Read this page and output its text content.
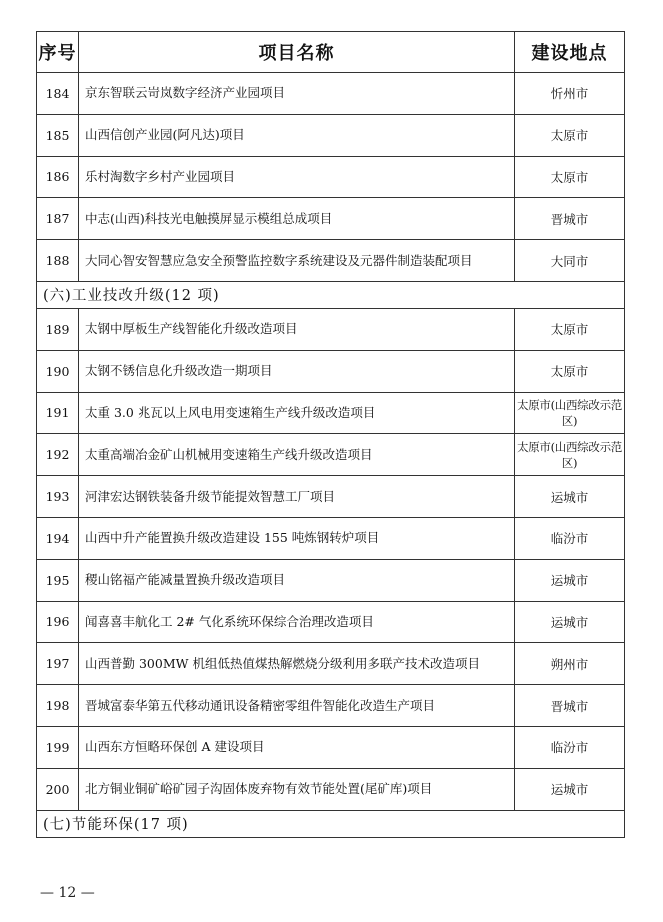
序号	项目名称	建设地点
184	京东智联云岢岚数字经济产业园项目	忻州市
185	山西信创产业园(阿凡达)项目	太原市
186	乐村淘数字乡村产业园项目	太原市
187	中志(山西)科技光电触摸屏显示模组总成项目	晋城市
188	大同心智安智慧应急安全预警监控数字系统建设及元器件制造装配项目	大同市
(六)工业技改升级(12 项)		
189	太钢中厚板生产线智能化升级改造项目	太原市
190	太钢不锈信息化升级改造一期项目	太原市
191	太重 3.0 兆瓦以上风电用变速箱生产线升级改造项目	太原市(山西综改示范区)
192	太重高端冶金矿山机械用变速箱生产线升级改造项目	太原市(山西综改示范区)
193	河津宏达钢铁装备升级节能提效智慧工厂项目	运城市
194	山西中升产能置换升级改造建设 155 吨炼钢转炉项目	临汾市
195	稷山铭福产能减量置换升级改造项目	运城市
196	闻喜喜丰航化工 2# 气化系统环保综合治理改造项目	运城市
197	山西普勤 300MW 机组低热值煤热解燃烧分级利用多联产技术改造项目	朔州市
198	晋城富泰华第五代移动通讯设备精密零组件智能化改造生产项目	晋城市
199	山西东方恒略环保创 A 建设项目	临汾市
200	北方铜业铜矿峪矿园子沟固体废弃物有效节能处置(尾矿库)项目	运城市
(七)节能环保(17 项)		
— 12 —
